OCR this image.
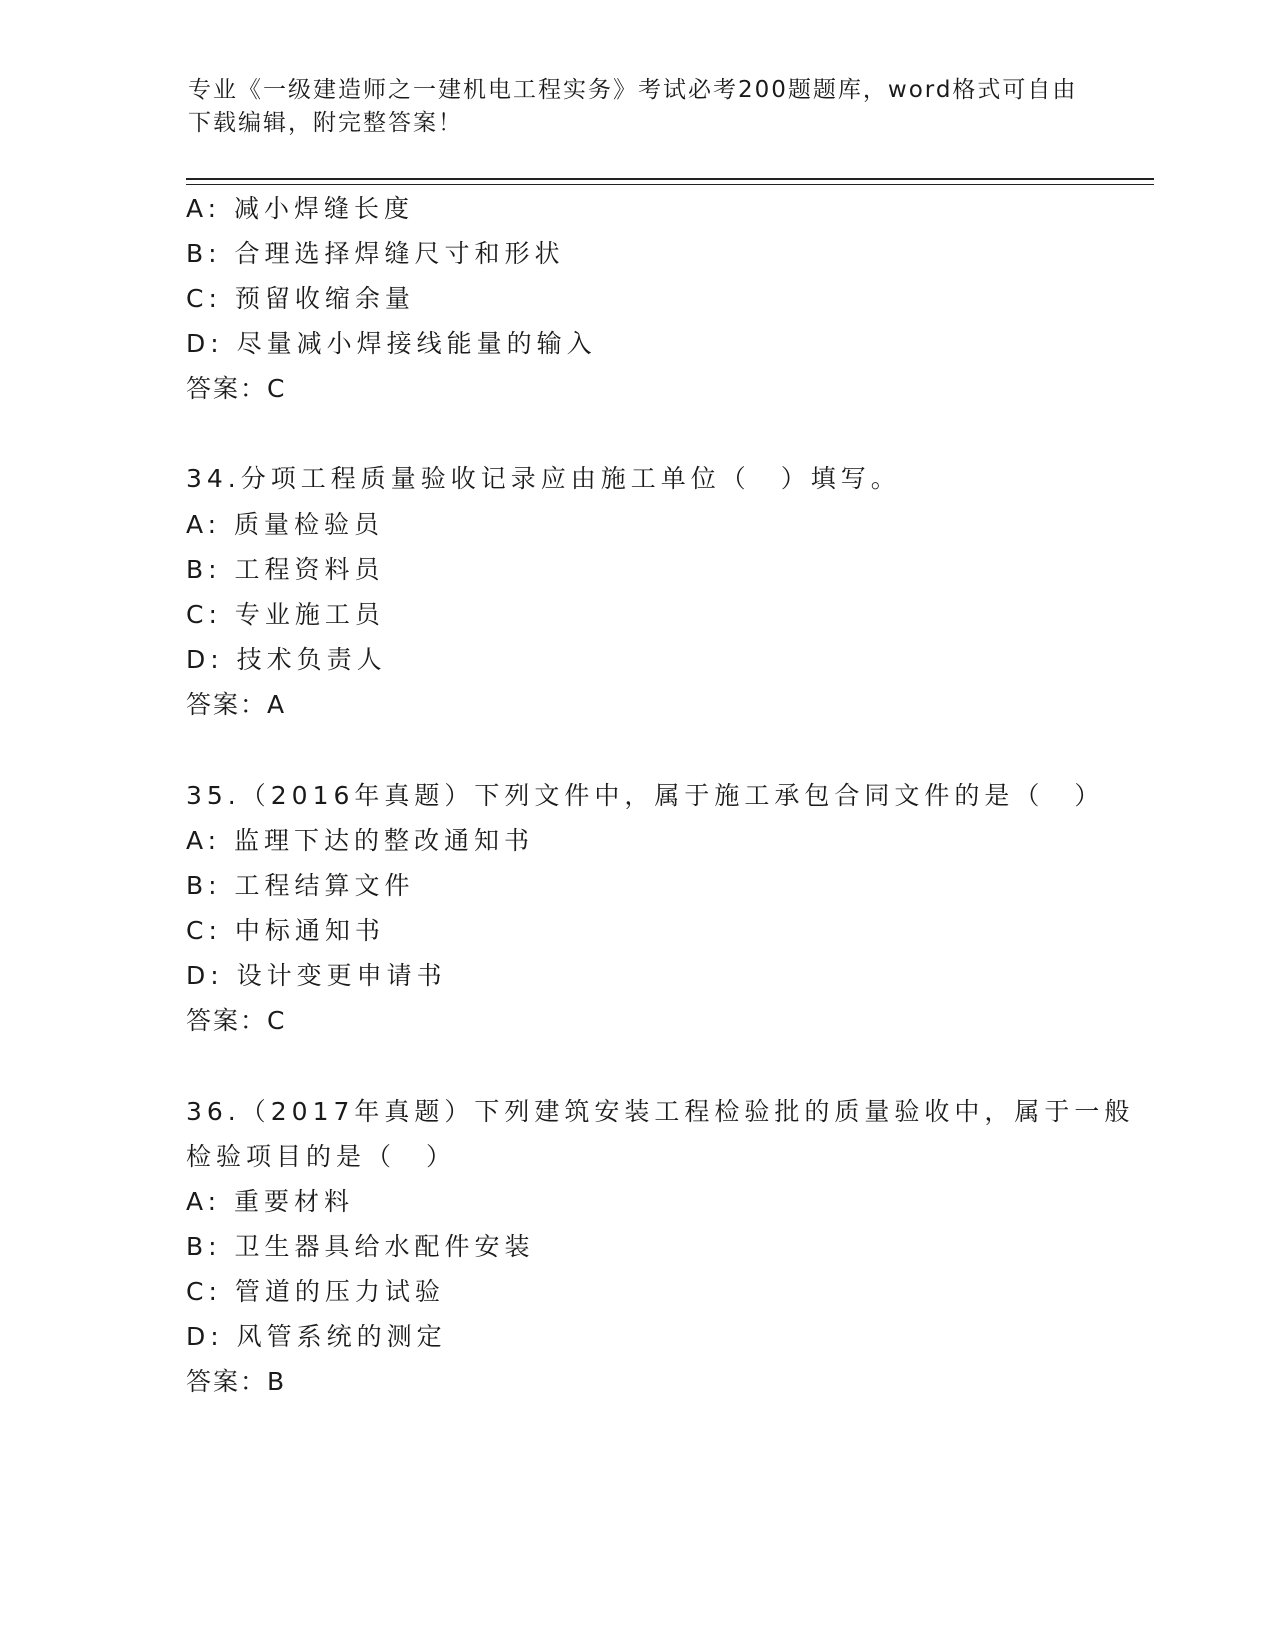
专业《一级建造师之一建机电工程实务》考试必考200题题库，word格式可自由
下载编辑，附完整答案！
A: 减小焊缝长度
B: 合理选择焊缝尺寸和形状
C: 预留收缩余量
D: 尽量减小焊接线能量的输入
答案：C
34.分项工程质量验收记录应由施工单位（　）填写。
A: 质量检验员
B: 工程资料员
C: 专业施工员
D: 技术负责人
答案：A
35.（2016年真题）下列文件中，属于施工承包合同文件的是（　）
A: 监理下达的整改通知书
B: 工程结算文件
C: 中标通知书
D: 设计变更申请书
答案：C
36.（2017年真题）下列建筑安装工程检验批的质量验收中，属于一般
检验项目的是（　）
A: 重要材料
B: 卫生器具给水配件安装
C: 管道的压力试验
D: 风管系统的测定
答案：B
